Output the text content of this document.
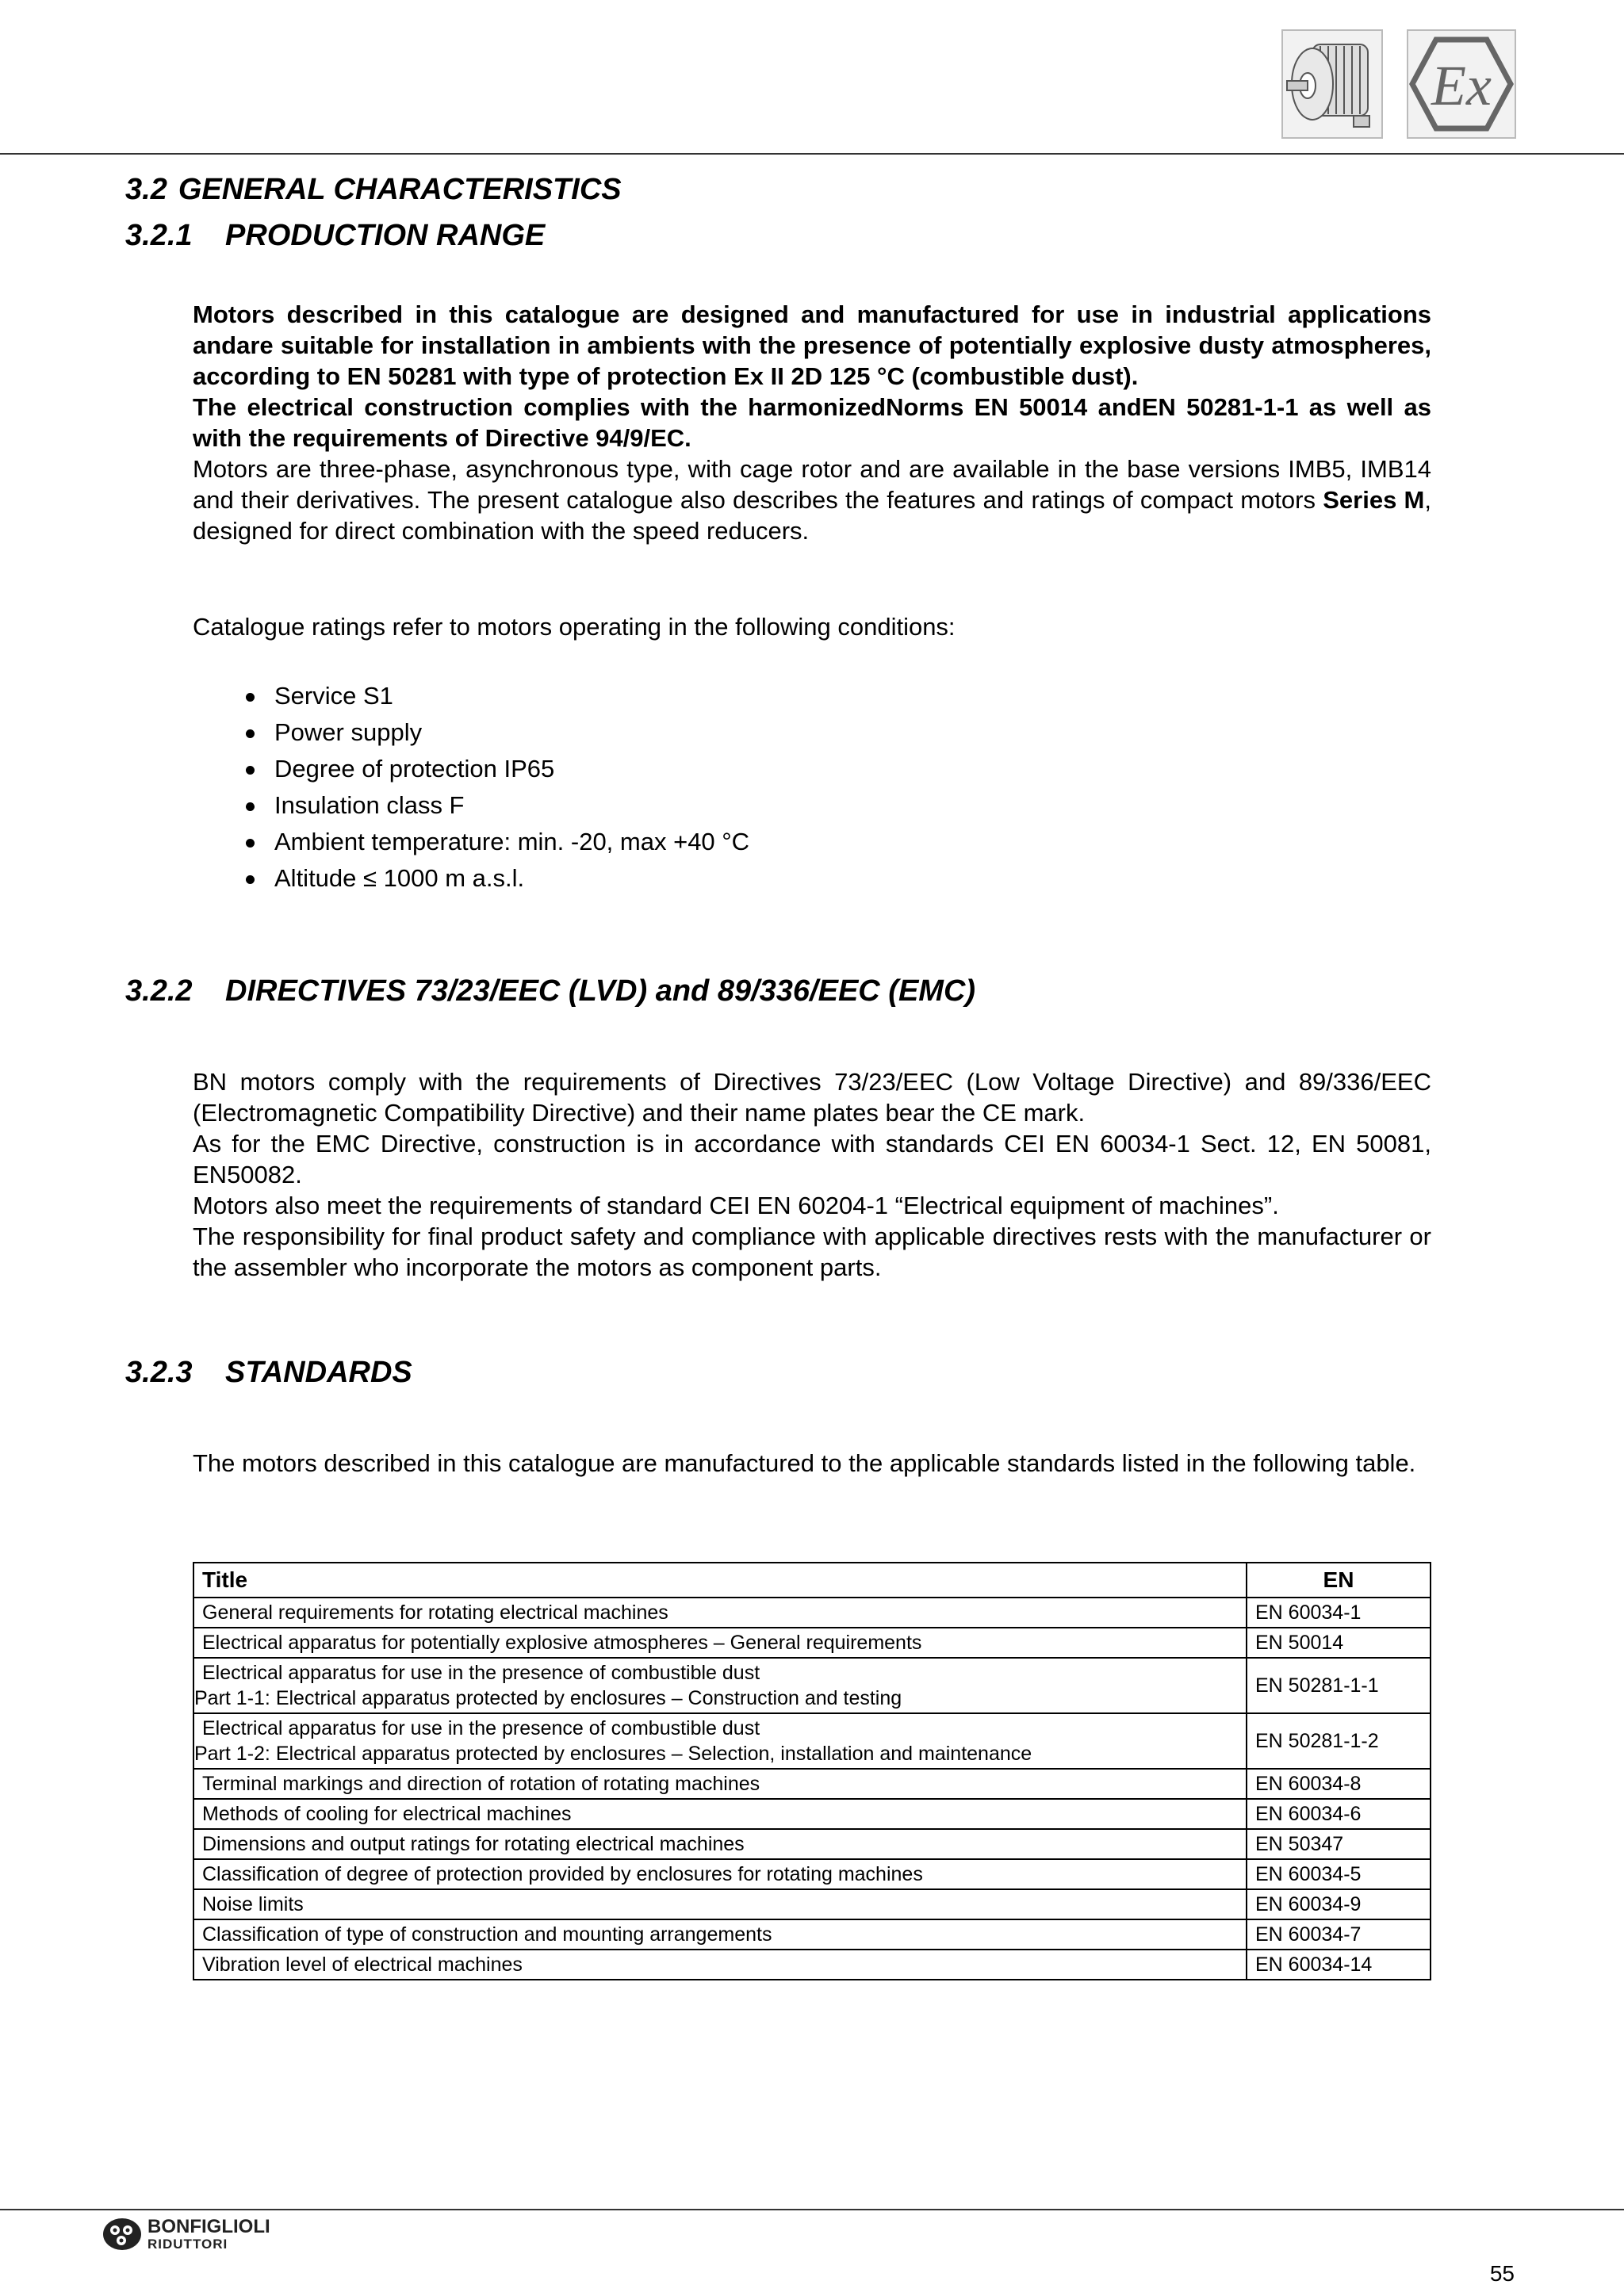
Ex
3.2 GENERAL CHARACTERISTICS
3.2.1 PRODUCTION RANGE

Motors described in this catalogue are designed and manufactured for use in industrial applications andare suitable for installation in ambients with the presence of potentially explosive dusty atmospheres, according to EN 50281 with type of protection Ex II 2D 125 °C (combustible dust).

The electrical construction complies with the harmonizedNorms EN 50014 andEN 50281-1-1 as well as with the requirements of Directive 94/9/EC.

Motors are three-phase, asynchronous type, with cage rotor and are available in the base versions IMB5, IMB14 and their derivatives. The present catalogue also describes the features and ratings of compact motors Series M, designed for direct combination with the speed reducers.

Catalogue ratings refer to motors operating in the following conditions:

Service S1
Power supply
Degree of protection IP65
Insulation class F
Ambient temperature: min. -20, max +40 °C
Altitude ≤ 1000 m a.s.l.
3.2.2 DIRECTIVES 73/23/EEC (LVD) and 89/336/EEC (EMC)

BN motors comply with the requirements of Directives 73/23/EEC (Low Voltage Directive) and 89/336/EEC (Electromagnetic Compatibility Directive) and their name plates bear the CE mark.

As for the EMC Directive, construction is in accordance with standards CEI EN 60034-1 Sect. 12, EN 50081, EN50082.

Motors also meet the requirements of standard CEI EN 60204-1 “Electrical equipment of machines”.

The responsibility for final product safety and compliance with applicable directives rests with the manufacturer or the assembler who incorporate the motors as component parts.

3.2.3 STANDARDS

The motors described in this catalogue are manufactured to the applicable standards listed in the following table.

Title	EN
General requirements for rotating electrical machines	EN 60034-1
Electrical apparatus for potentially explosive atmospheres – General requirements	EN 50014

Electrical apparatus for use in the presence of combustible dust
Part 1-1: Electrical apparatus protected by enclosures – Construction and testing	EN 50281-1-1

Electrical apparatus for use in the presence of combustible dust
Part 1-2: Electrical apparatus protected by enclosures – Selection, installation and maintenance	EN 50281-1-2
Terminal markings and direction of rotation of rotating machines	EN 60034-8
Methods of cooling for electrical machines	EN 60034-6
Dimensions and output ratings for rotating electrical machines	EN 50347
Classification of degree of protection provided by enclosures for rotating machines	EN 60034-5
Noise limits	EN 60034-9
Classification of type of construction and mounting arrangements	EN 60034-7
Vibration level of electrical machines	EN 60034-14
BONFIGLIOLI
RIDUTTORI
55
